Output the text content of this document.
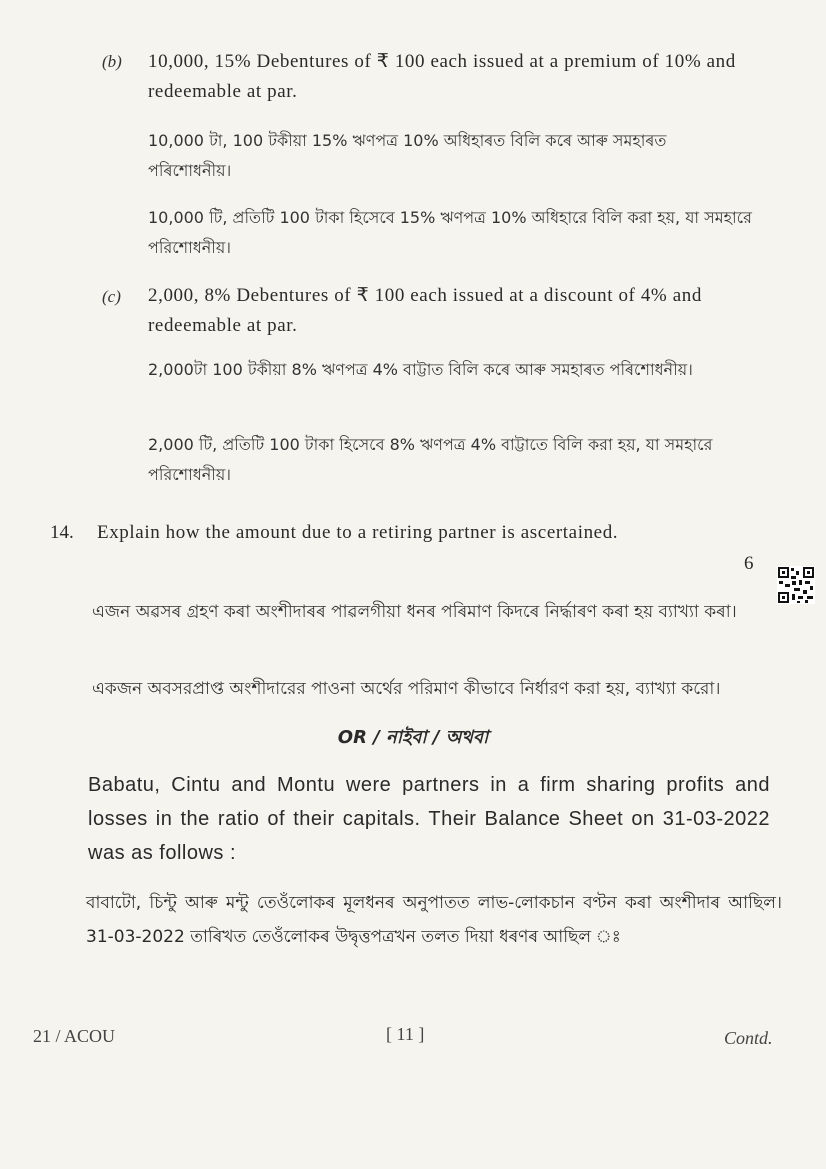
(b) 10,000, 15% Debentures of ₹ 100 each issued at a premium of 10% and redeemable at par.
10,000 টা, 100 টকীয়া 15% ঋণপত্ৰ 10% অধিহাৰত বিলি কৰে আৰু সমহাৰত পৰিশোধনীয়।
10,000 টি, প্রতিটি 100 টাকা হিসেবে 15% ঋণপত্র 10% অধিহারে বিলি করা হয়, যা সমহারে পরিশোধনীয়।
(c) 2,000, 8% Debentures of ₹ 100 each issued at a discount of 4% and redeemable at par.
2,000টা 100 টকীয়া 8% ঋণপত্ৰ 4% বাট্টাত বিলি কৰে আৰু সমহাৰত পৰিশোধনীয়।
2,000 টি, প্রতিটি 100 টাকা হিসেবে 8% ঋণপত্র 4% বাট্টাতে বিলি করা হয়, যা সমহারে পরিশোধনীয়।
14. Explain how the amount due to a retiring partner is ascertained.
6
এজন অৱসৰ গ্ৰহণ কৰা অংশীদাৰৰ পাৱলগীয়া ধনৰ পৰিমাণ কিদৰে নিৰ্দ্ধাৰণ কৰা হয় ব্যাখ্যা কৰা।
একজন অবসরপ্রাপ্ত অংশীদারের পাওনা অর্থের পরিমাণ কীভাবে নির্ধারণ করা হয়, ব্যাখ্যা করো।
OR / নাইবা / অথবা
Babatu, Cintu and Montu were partners in a firm sharing profits and losses in the ratio of their capitals. Their Balance Sheet on 31-03-2022 was as follows :
বাবাটো, চিন্টু আৰু মন্টু তেওঁলোকৰ মূলধনৰ অনুপাতত লাভ-লোকচান বণ্টন কৰা অংশীদাৰ আছিল। 31-03-2022 তাৰিখত তেওঁলোকৰ উদ্বৃত্তপত্ৰখন তলত দিয়া ধৰণৰ আছিল ঃ
21 / ACOU	[ 11 ]	Contd.
